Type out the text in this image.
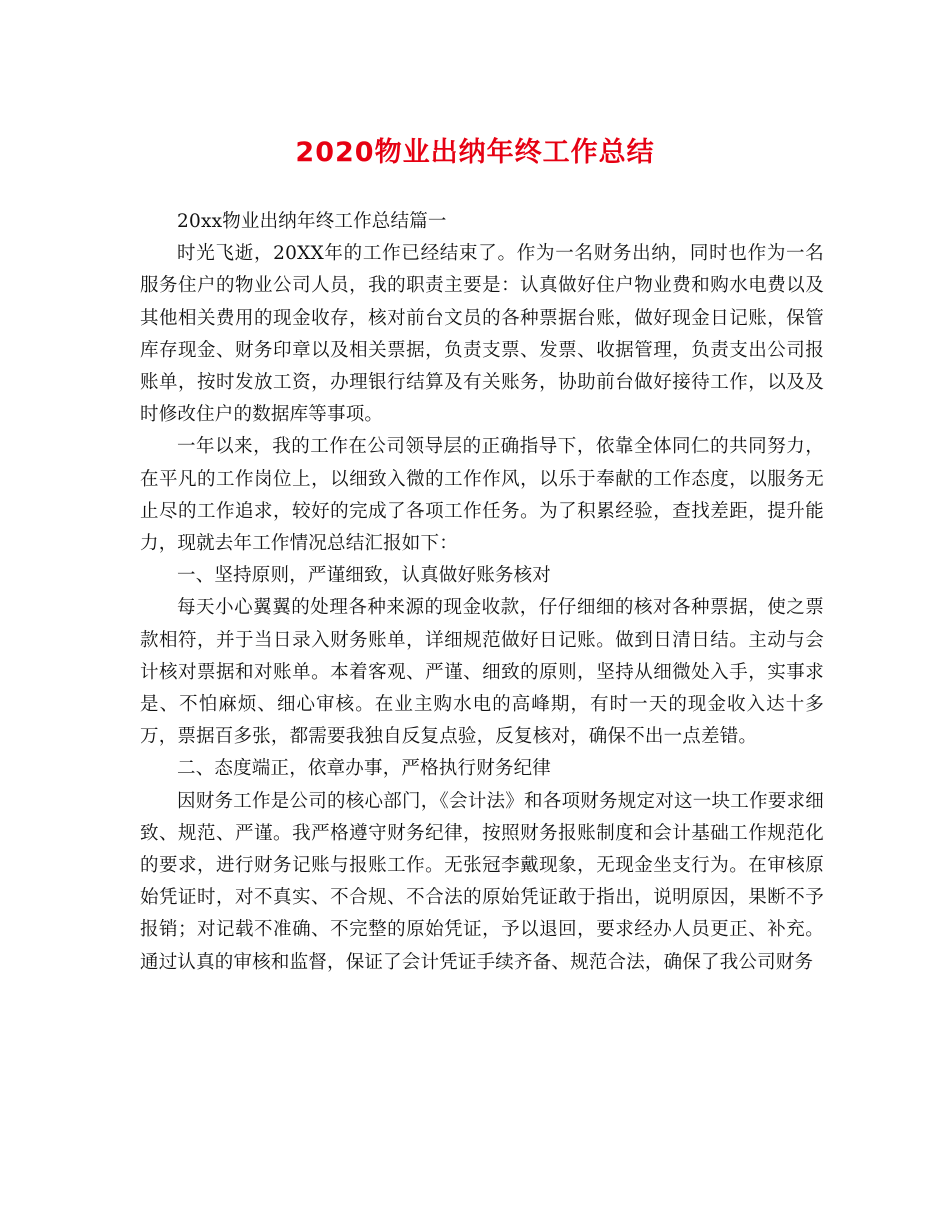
2020物业出纳年终工作总结

20xx物业出纳年终工作总结篇一

时光飞逝，20XX年的工作已经结束了。作为一名财务出纳，同时也作为一名服务住户的物业公司人员，我的职责主要是：认真做好住户物业费和购水电费以及其他相关费用的现金收存，核对前台文员的各种票据台账，做好现金日记账，保管库存现金、财务印章以及相关票据，负责支票、发票、收据管理，负责支出公司报账单，按时发放工资，办理银行结算及有关账务，协助前台做好接待工作，以及及时修改住户的数据库等事项。

一年以来，我的工作在公司领导层的正确指导下，依靠全体同仁的共同努力，在平凡的工作岗位上，以细致入微的工作作风，以乐于奉献的工作态度，以服务无止尽的工作追求，较好的完成了各项工作任务。为了积累经验，查找差距，提升能力，现就去年工作情况总结汇报如下：

一、坚持原则，严谨细致，认真做好账务核对

每天小心翼翼的处理各种来源的现金收款，仔仔细细的核对各种票据，使之票款相符，并于当日录入财务账单，详细规范做好日记账。做到日清日结。主动与会计核对票据和对账单。本着客观、严谨、细致的原则，坚持从细微处入手，实事求是、不怕麻烦、细心审核。在业主购水电的高峰期，有时一天的现金收入达十多万，票据百多张，都需要我独自反复点验，反复核对，确保不出一点差错。

二、态度端正，依章办事，严格执行财务纪律

因财务工作是公司的核心部门，《会计法》和各项财务规定对这一块工作要求细致、规范、严谨。我严格遵守财务纪律，按照财务报账制度和会计基础工作规范化的要求，进行财务记账与报账工作。无张冠李戴现象，无现金坐支行为。在审核原始凭证时，对不真实、不合规、不合法的原始凭证敢于指出，说明原因，果断不予报销；对记载不准确、不完整的原始凭证，予以退回，要求经办人员更正、补充。通过认真的审核和监督，保证了会计凭证手续齐备、规范合法，确保了我公司财务
